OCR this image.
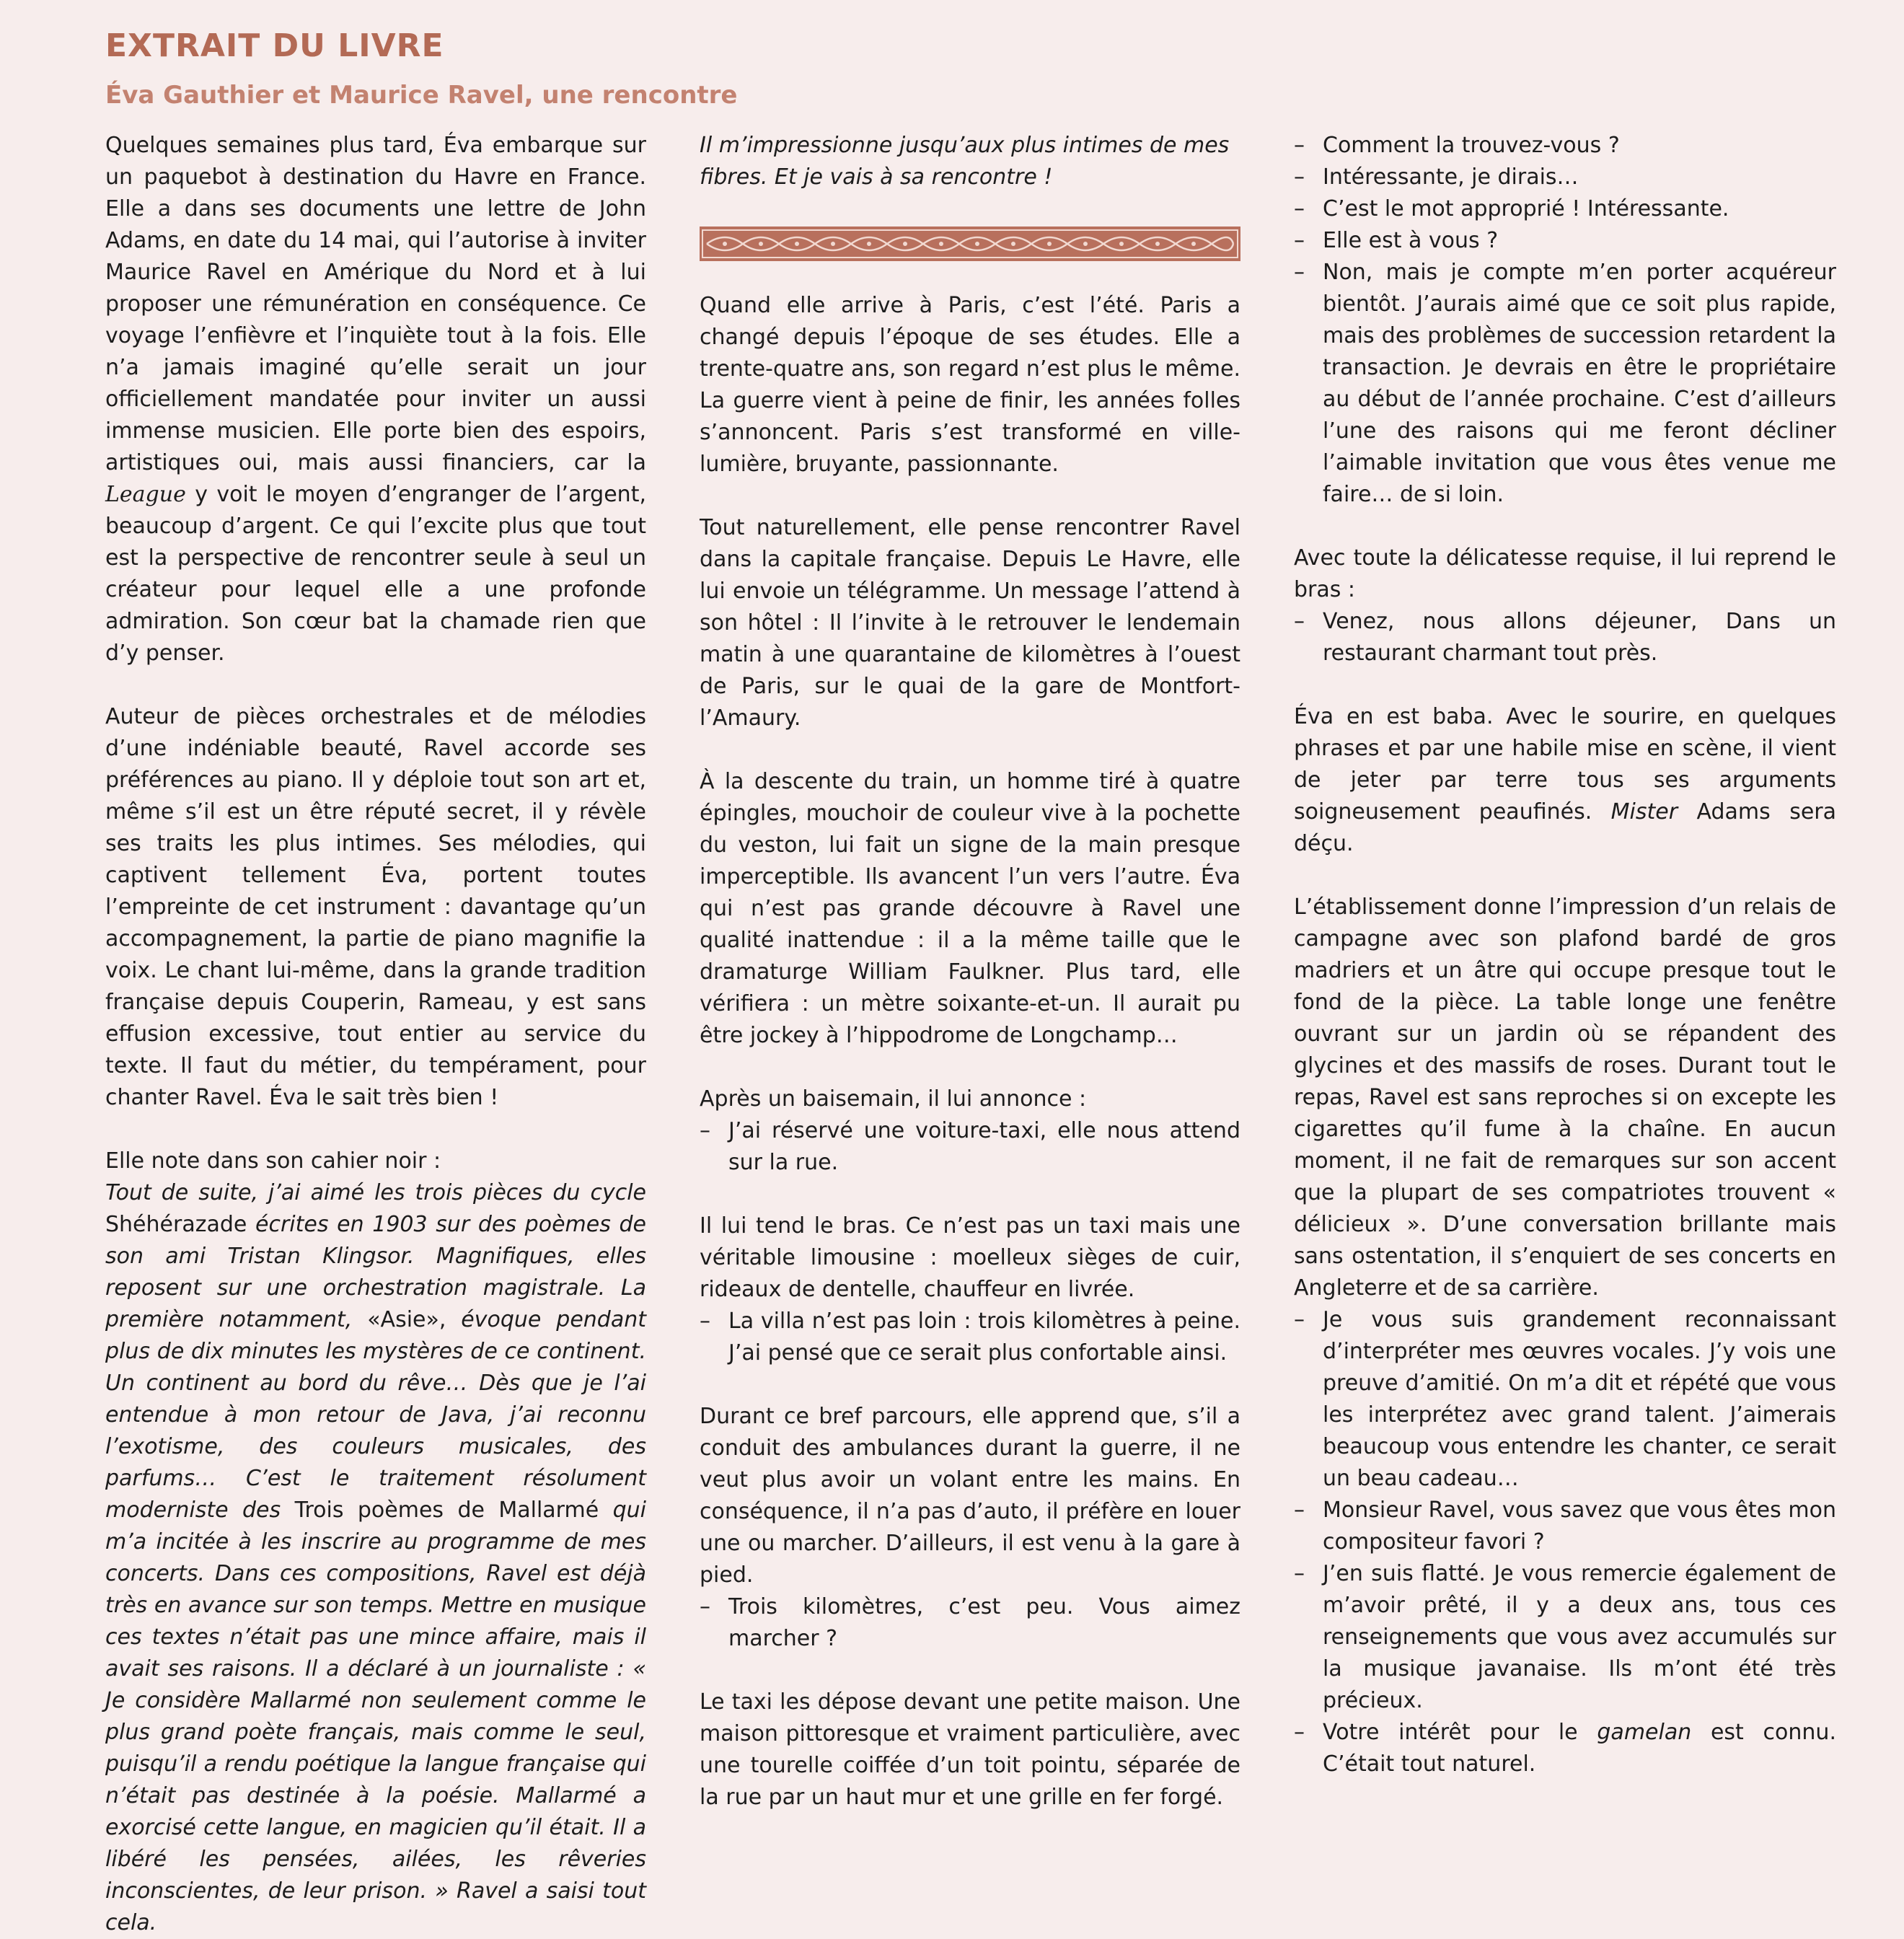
EXTRAIT DU LIVRE
Éva Gauthier et Maurice Ravel, une rencontre

Quelques semaines plus tard, Éva embarque sur un paquebot à destination du Havre en France. Elle a dans ses documents une lettre de John Adams, en date du 14 mai, qui l’autorise à inviter Maurice Ravel en Amérique du Nord et à lui proposer une rémunération en conséquence. Ce voyage l’enfièvre et l’inquiète tout à la fois. Elle n’a jamais imaginé qu’elle serait un jour officiellement mandatée pour inviter un aussi immense musicien. Elle porte bien des espoirs, artistiques oui, mais aussi financiers, car la League y voit le moyen d’engranger de l’argent, beaucoup d’argent. Ce qui l’excite plus que tout est la perspective de rencontrer seule à seul un créateur pour lequel elle a une profonde admiration. Son cœur bat la chamade rien que d’y penser.

Auteur de pièces orchestrales et de mélodies d’une indéniable beauté, Ravel accorde ses préférences au piano. Il y déploie tout son art et, même s’il est un être réputé secret, il y révèle ses traits les plus intimes. Ses mélodies, qui captivent tellement Éva, portent toutes l’empreinte de cet instrument : davantage qu’un accompagnement, la partie de piano magnifie la voix. Le chant lui-même, dans la grande tradition française depuis Couperin, Rameau, y est sans effusion excessive, tout entier au service du texte. Il faut du métier, du tempérament, pour chanter Ravel. Éva le sait très bien !

Elle note dans son cahier noir :

Tout de suite, j’ai aimé les trois pièces du cycle Shéhérazade écrites en 1903 sur des poèmes de son ami Tristan Klingsor. Magnifiques, elles reposent sur une orchestration magistrale. La première notamment, «Asie», évoque pendant plus de dix minutes les mystères de ce continent. Un continent au bord du rêve… Dès que je l’ai entendue à mon retour de Java, j’ai reconnu l’exotisme, des couleurs musicales, des parfums… C’est le traitement résolument moderniste des Trois poèmes de Mallarmé qui m’a incitée à les inscrire au programme de mes concerts. Dans ces compositions, Ravel est déjà très en avance sur son temps. Mettre en musique ces textes n’était pas une mince affaire, mais il avait ses raisons. Il a déclaré à un journaliste : « Je considère Mallarmé non seulement comme le plus grand poète français, mais comme le seul, puisqu’il a rendu poétique la langue française qui n’était pas destinée à la poésie. Mallarmé a exorcisé cette langue, en magicien qu’il était. Il a libéré les pensées, ailées, les rêveries inconscientes, de leur prison. » Ravel a saisi tout cela.

Il m’impressionne jusqu’aux plus intimes de mes fibres. Et je vais à sa rencontre !

Quand elle arrive à Paris, c’est l’été. Paris a changé depuis l’époque de ses études. Elle a trente-quatre ans, son regard n’est plus le même. La guerre vient à peine de finir, les années folles s’annoncent. Paris s’est transformé en ville-lumière, bruyante, passionnante.

Tout naturellement, elle pense rencontrer Ravel dans la capitale française. Depuis Le Havre, elle lui envoie un télégramme. Un message l’attend à son hôtel : Il l’invite à le retrouver le lendemain matin à une quarantaine de kilomètres à l’ouest de Paris, sur le quai de la gare de Montfort-l’Amaury.

À la descente du train, un homme tiré à quatre épingles, mouchoir de couleur vive à la pochette du veston, lui fait un signe de la main presque imperceptible. Ils avancent l’un vers l’autre. Éva qui n’est pas grande découvre à Ravel une qualité inattendue : il a la même taille que le dramaturge William Faulkner. Plus tard, elle vérifiera : un mètre soixante-et-un. Il aurait pu être jockey à l’hippodrome de Longchamp…

Après un baisemain, il lui annonce :

– J’ai réservé une voiture-taxi, elle nous attend sur la rue.

Il lui tend le bras. Ce n’est pas un taxi mais une véritable limousine : moelleux sièges de cuir, rideaux de dentelle, chauffeur en livrée.

– La villa n’est pas loin : trois kilomètres à peine. J’ai pensé que ce serait plus confortable ainsi.

Durant ce bref parcours, elle apprend que, s’il a conduit des ambulances durant la guerre, il ne veut plus avoir un volant entre les mains. En conséquence, il n’a pas d’auto, il préfère en louer une ou marcher. D’ailleurs, il est venu à la gare à pied.

– Trois kilomètres, c’est peu. Vous aimez marcher ?

Le taxi les dépose devant une petite maison. Une maison pittoresque et vraiment particulière, avec une tourelle coiffée d’un toit pointu, séparée de la rue par un haut mur et une grille en fer forgé.

– Comment la trouvez-vous ?

– Intéressante, je dirais…

– C’est le mot approprié ! Intéressante.

– Elle est à vous ?

– Non, mais je compte m’en porter acquéreur bientôt. J’aurais aimé que ce soit plus rapide, mais des problèmes de succession retardent la transaction. Je devrais en être le propriétaire au début de l’année prochaine. C’est d’ailleurs l’une des raisons qui me feront décliner l’aimable invitation que vous êtes venue me faire… de si loin.

Avec toute la délicatesse requise, il lui reprend le bras :

– Venez, nous allons déjeuner, Dans un restaurant charmant tout près.

Éva en est baba. Avec le sourire, en quelques phrases et par une habile mise en scène, il vient de jeter par terre tous ses arguments soigneusement peaufinés. Mister Adams sera déçu.

L’établissement donne l’impression d’un relais de campagne avec son plafond bardé de gros madriers et un âtre qui occupe presque tout le fond de la pièce. La table longe une fenêtre ouvrant sur un jardin où se répandent des glycines et des massifs de roses. Durant tout le repas, Ravel est sans reproches si on excepte les cigarettes qu’il fume à la chaîne. En aucun moment, il ne fait de remarques sur son accent que la plupart de ses compatriotes trouvent « délicieux ». D’une conversation brillante mais sans ostentation, il s’enquiert de ses concerts en Angleterre et de sa carrière.

– Je vous suis grandement reconnaissant d’interpréter mes œuvres vocales. J’y vois une preuve d’amitié. On m’a dit et répété que vous les interprétez avec grand talent. J’aimerais beaucoup vous entendre les chanter, ce serait un beau cadeau…

– Monsieur Ravel, vous savez que vous êtes mon compositeur favori ?

– J’en suis flatté. Je vous remercie également de m’avoir prêté, il y a deux ans, tous ces renseignements que vous avez accumulés sur la musique javanaise. Ils m’ont été très précieux.

– Votre intérêt pour le gamelan est connu. C’était tout naturel.
